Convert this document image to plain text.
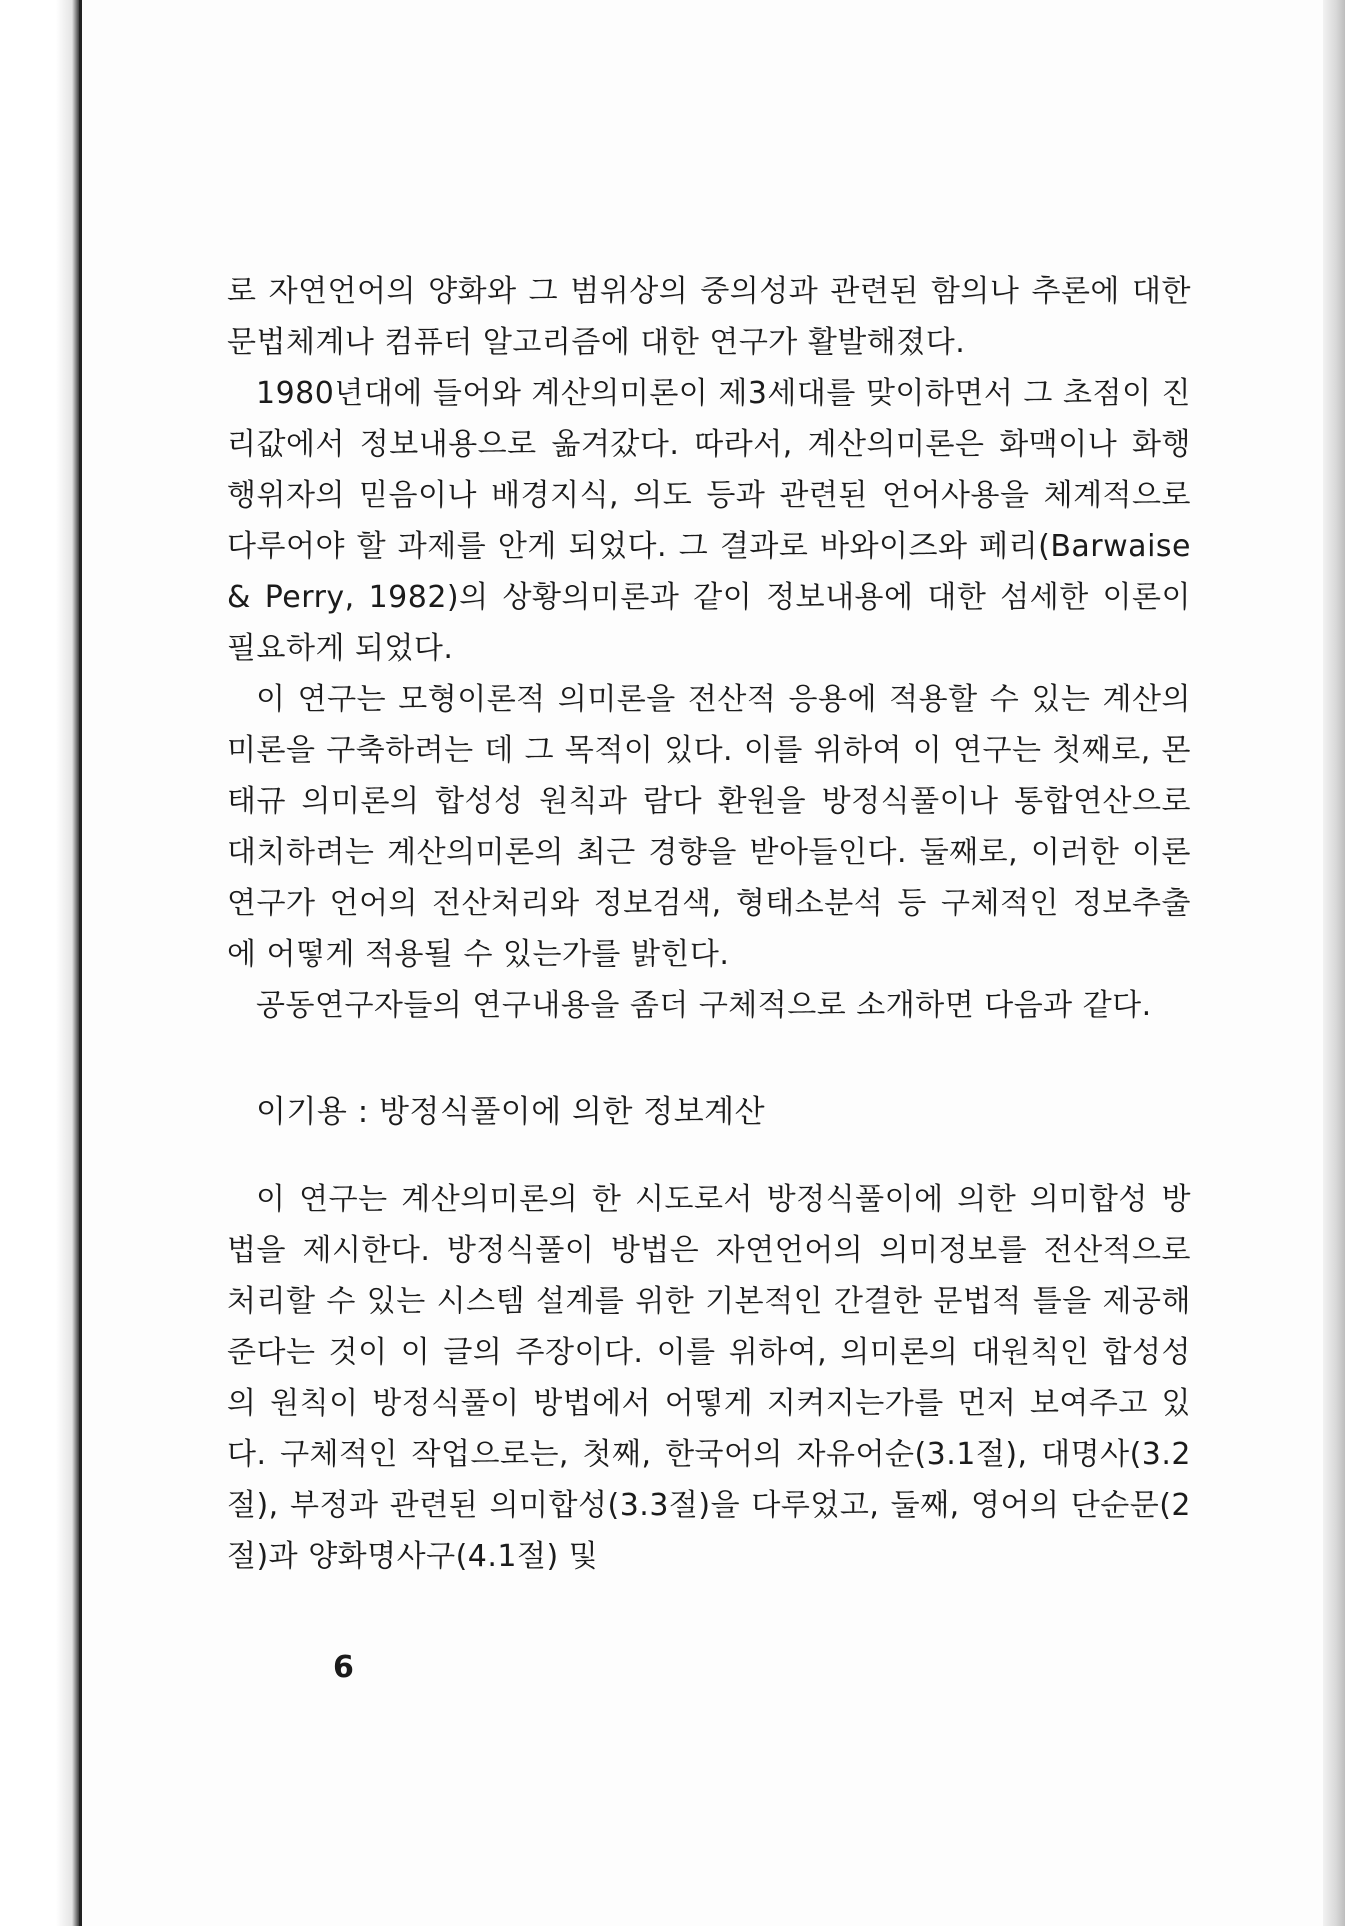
로 자연언어의 양화와 그 범위상의 중의성과 관련된 함의나 추론에 대한 문법체계나 컴퓨터 알고리즘에 대한 연구가 활발해졌다.

1980년대에 들어와 계산의미론이 제3세대를 맞이하면서 그 초점이 진리값에서 정보내용으로 옮겨갔다. 따라서, 계산의미론은 화맥이나 화행 행위자의 믿음이나 배경지식, 의도 등과 관련된 언어사용을 체계적으로 다루어야 할 과제를 안게 되었다. 그 결과로 바와이즈와 페리(Barwaise & Perry, 1982)의 상황의미론과 같이 정보내용에 대한 섬세한 이론이 필요하게 되었다.

이 연구는 모형이론적 의미론을 전산적 응용에 적용할 수 있는 계산의미론을 구축하려는 데 그 목적이 있다. 이를 위하여 이 연구는 첫째로, 몬태규 의미론의 합성성 원칙과 람다 환원을 방정식풀이나 통합연산으로 대치하려는 계산의미론의 최근 경향을 받아들인다. 둘째로, 이러한 이론연구가 언어의 전산처리와 정보검색, 형태소분석 등 구체적인 정보추출에 어떻게 적용될 수 있는가를 밝힌다.

공동연구자들의 연구내용을 좀더 구체적으로 소개하면 다음과 같다.

이기용 : 방정식풀이에 의한 정보계산

이 연구는 계산의미론의 한 시도로서 방정식풀이에 의한 의미합성 방법을 제시한다. 방정식풀이 방법은 자연언어의 의미정보를 전산적으로 처리할 수 있는 시스템 설계를 위한 기본적인 간결한 문법적 틀을 제공해 준다는 것이 이 글의 주장이다. 이를 위하여, 의미론의 대원칙인 합성성의 원칙이 방정식풀이 방법에서 어떻게 지켜지는가를 먼저 보여주고 있다. 구체적인 작업으로는, 첫째, 한국어의 자유어순(3.1절), 대명사(3.2절), 부정과 관련된 의미합성(3.3절)을 다루었고, 둘째, 영어의 단순문(2절)과 양화명사구(4.1절) 및

6
